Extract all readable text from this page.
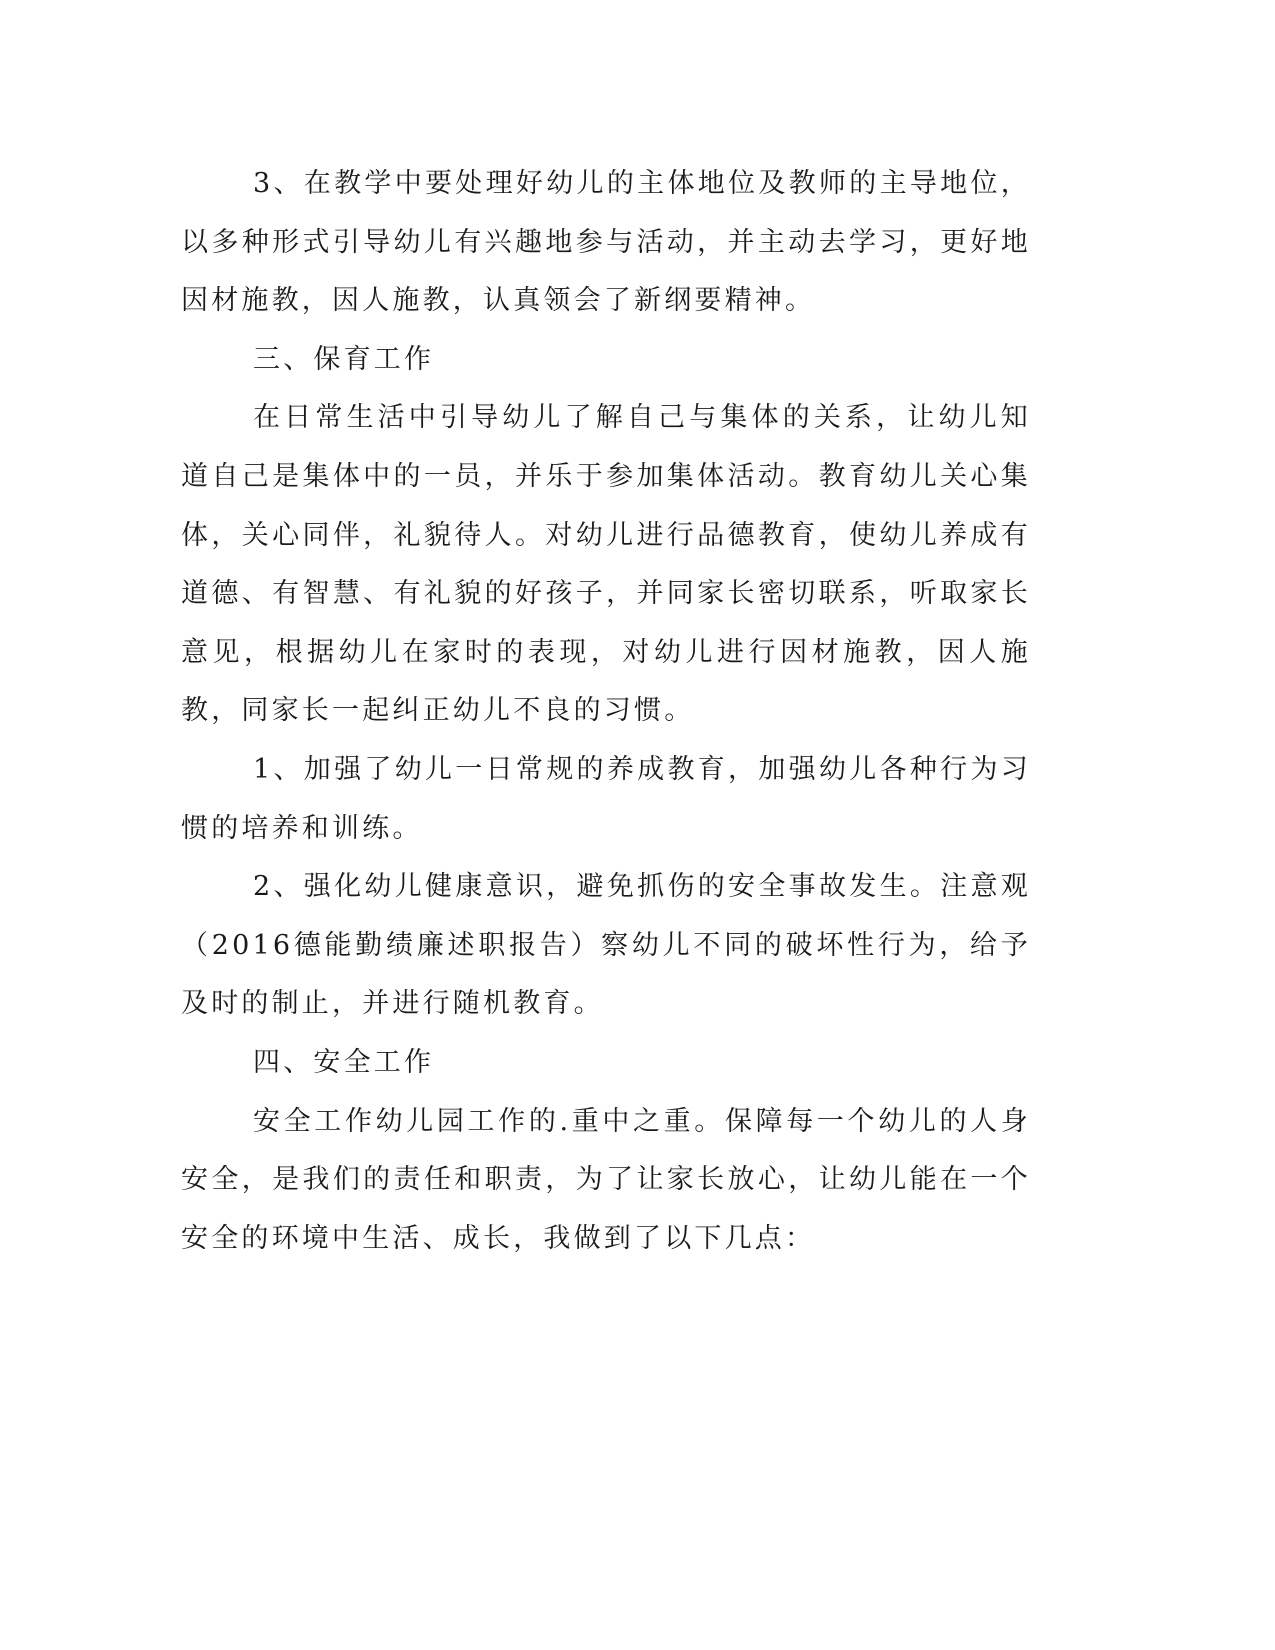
3、在教学中要处理好幼儿的主体地位及教师的主导地位，以多种形式引导幼儿有兴趣地参与活动，并主动去学习，更好地因材施教，因人施教，认真领会了新纲要精神。

三、保育工作

在日常生活中引导幼儿了解自己与集体的关系，让幼儿知道自己是集体中的一员，并乐于参加集体活动。教育幼儿关心集体，关心同伴，礼貌待人。对幼儿进行品德教育，使幼儿养成有道德、有智慧、有礼貌的好孩子，并同家长密切联系，听取家长意见，根据幼儿在家时的表现，对幼儿进行因材施教，因人施教，同家长一起纠正幼儿不良的习惯。

1、加强了幼儿一日常规的养成教育，加强幼儿各种行为习惯的培养和训练。

2、强化幼儿健康意识，避免抓伤的安全事故发生。注意观（2016德能勤绩廉述职报告）察幼儿不同的破坏性行为，给予及时的制止，并进行随机教育。

四、安全工作

安全工作幼儿园工作的.重中之重。保障每一个幼儿的人身安全，是我们的责任和职责，为了让家长放心，让幼儿能在一个安全的环境中生活、成长，我做到了以下几点：
